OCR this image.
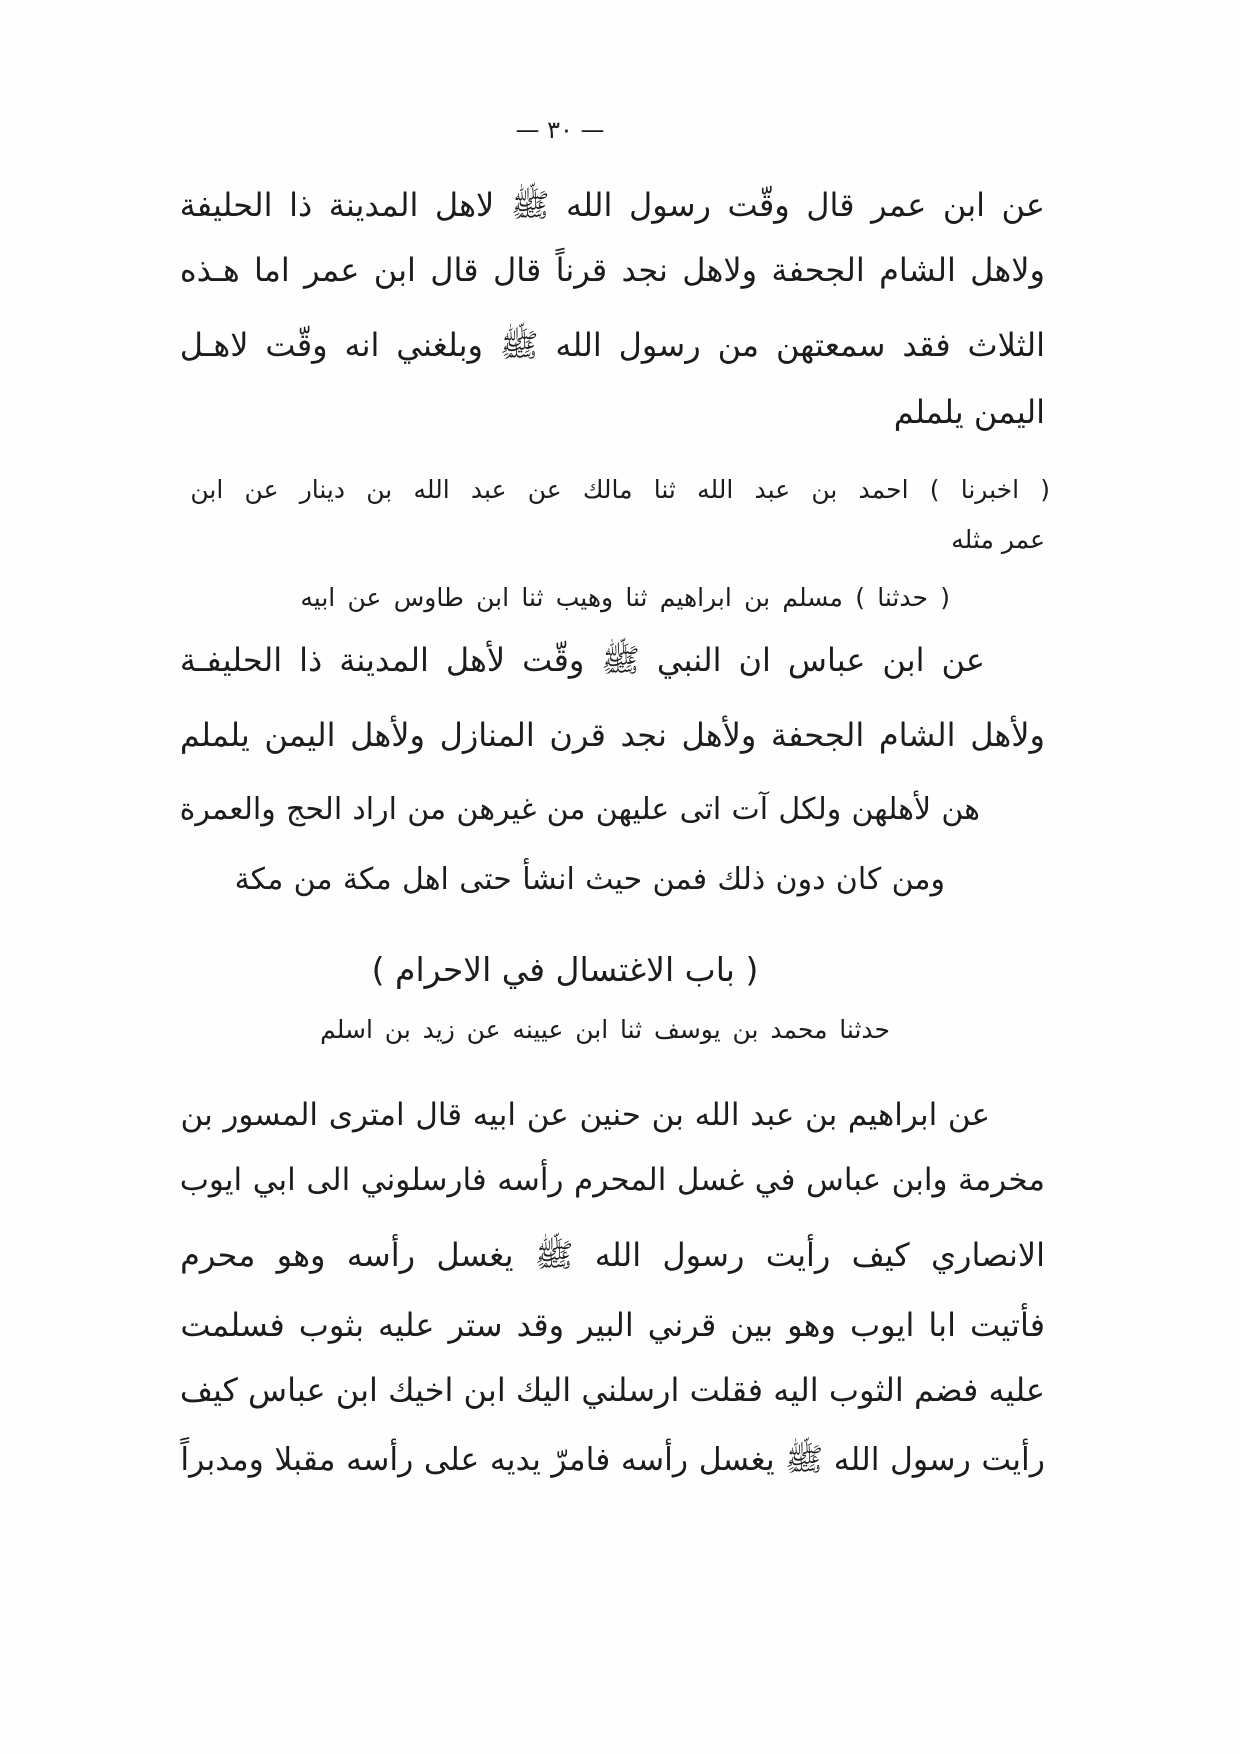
— ٣٠ —
عن ابن عمر قال وقّت رسول الله ﷺ لاهل المدينة ذا الحليفة
ولاهل الشام الجحفة ولاهل نجد قرناً قال قال ابن عمر اما هـذه
الثلاث فقد سمعتهن من رسول الله ﷺ وبلغني انه وقّت لاهـل
اليمن يلملم
( اخبرنا ) احمد بن عبد الله ثنا مالك عن عبد الله بن دينار عن ابن
عمر مثله
( حدثنا ) مسلم بن ابراهيم ثنا وهيب ثنا ابن طاوس عن ابيه
عن ابن عباس ان النبي ﷺ وقّت لأهل المدينة ذا الحليفـة
ولأهل الشام الجحفة ولأهل نجد قرن المنازل ولأهل اليمن يلملم
هن لأهلهن ولكل آت اتى عليهن من غيرهن من اراد الحج والعمرة
ومن كان دون ذلك فمن حيث انشأ حتى اهل مكة من مكة
( باب الاغتسال في الاحرام )
حدثنا محمد بن يوسف ثنا ابن عيينه عن زيد بن اسلم
عن ابراهيم بن عبد الله بن حنين عن ابيه قال امترى المسور بن
مخرمة وابن عباس في غسل المحرم رأسه فارسلوني الى ابي ايوب
الانصاري كيف رأيت رسول الله ﷺ يغسل رأسه وهو محرم
فأتيت ابا ايوب وهو بين قرني البير وقد ستر عليه بثوب فسلمت
عليه فضم الثوب اليه فقلت ارسلني اليك ابن اخيك ابن عباس كيف
رأيت رسول الله ﷺ يغسل رأسه فامرّ يديه على رأسه مقبلا ومدبراً
